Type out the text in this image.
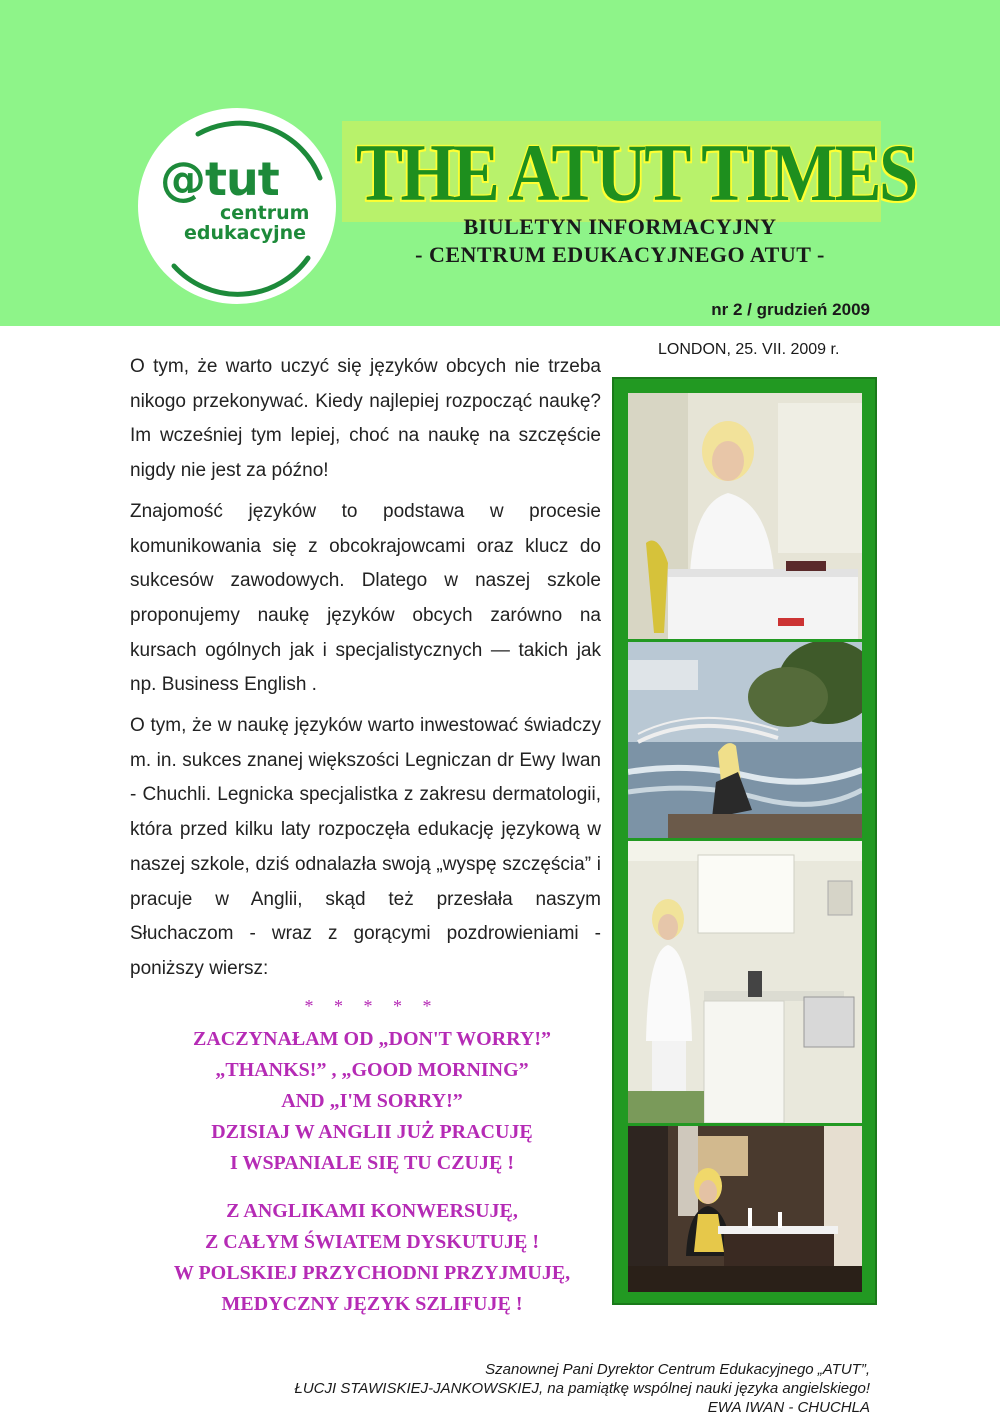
@tut
centrum
edukacyjne
THE ATUT TIMES
BIULETYN INFORMACYJNY
- CENTRUM EDUKACYJNEGO ATUT -
nr 2 / grudzień 2009

O tym, że warto uczyć się języków obcych nie trzeba nikogo przekonywać. Kiedy najlepiej rozpocząć naukę? Im wcześniej tym lepiej, choć na naukę na szczęście nigdy nie jest za późno!

Znajomość języków to podstawa w procesie komunikowania się z obcokrajowcami oraz klucz do sukcesów zawodowych. Dlatego w naszej szkole proponujemy naukę języków obcych zarówno na kursach ogólnych jak i specjalistycznych — takich jak np. Business English .

O tym, że w naukę języków warto inwestować świadczy m. in. sukces znanej większości Legniczan dr Ewy Iwan - Chuchli. Legnicka specjalistka z zakresu dermatologii, która przed kilku laty rozpoczęła edukację językową w naszej szkole, dziś odnalazła swoją „wyspę szczęścia” i pracuje w Anglii, skąd też przesłała naszym Słuchaczom - wraz z gorącymi pozdrowieniami - poniższy wiersz:

* * * * *
ZACZYNAŁAM OD „DON'T WORRY!”
„THANKS!” , „GOOD MORNING”
AND „I'M SORRY!”
DZISIAJ W ANGLII JUŻ PRACUJĘ
I WSPANIALE SIĘ TU CZUJĘ !
Z ANGLIKAMI KONWERSUJĘ,
Z CAŁYM ŚWIATEM DYSKUTUJĘ !
W POLSKIEJ PRZYCHODNI PRZYJMUJĘ,
MEDYCZNY JĘZYK SZLIFUJĘ !
LONDON, 25. VII. 2009 r.
Szanownej Pani Dyrektor Centrum Edukacyjnego „ATUT”,
ŁUCJI STAWISKIEJ-JANKOWSKIEJ, na pamiątkę wspólnej nauki języka angielskiego!
EWA IWAN - CHUCHLA
